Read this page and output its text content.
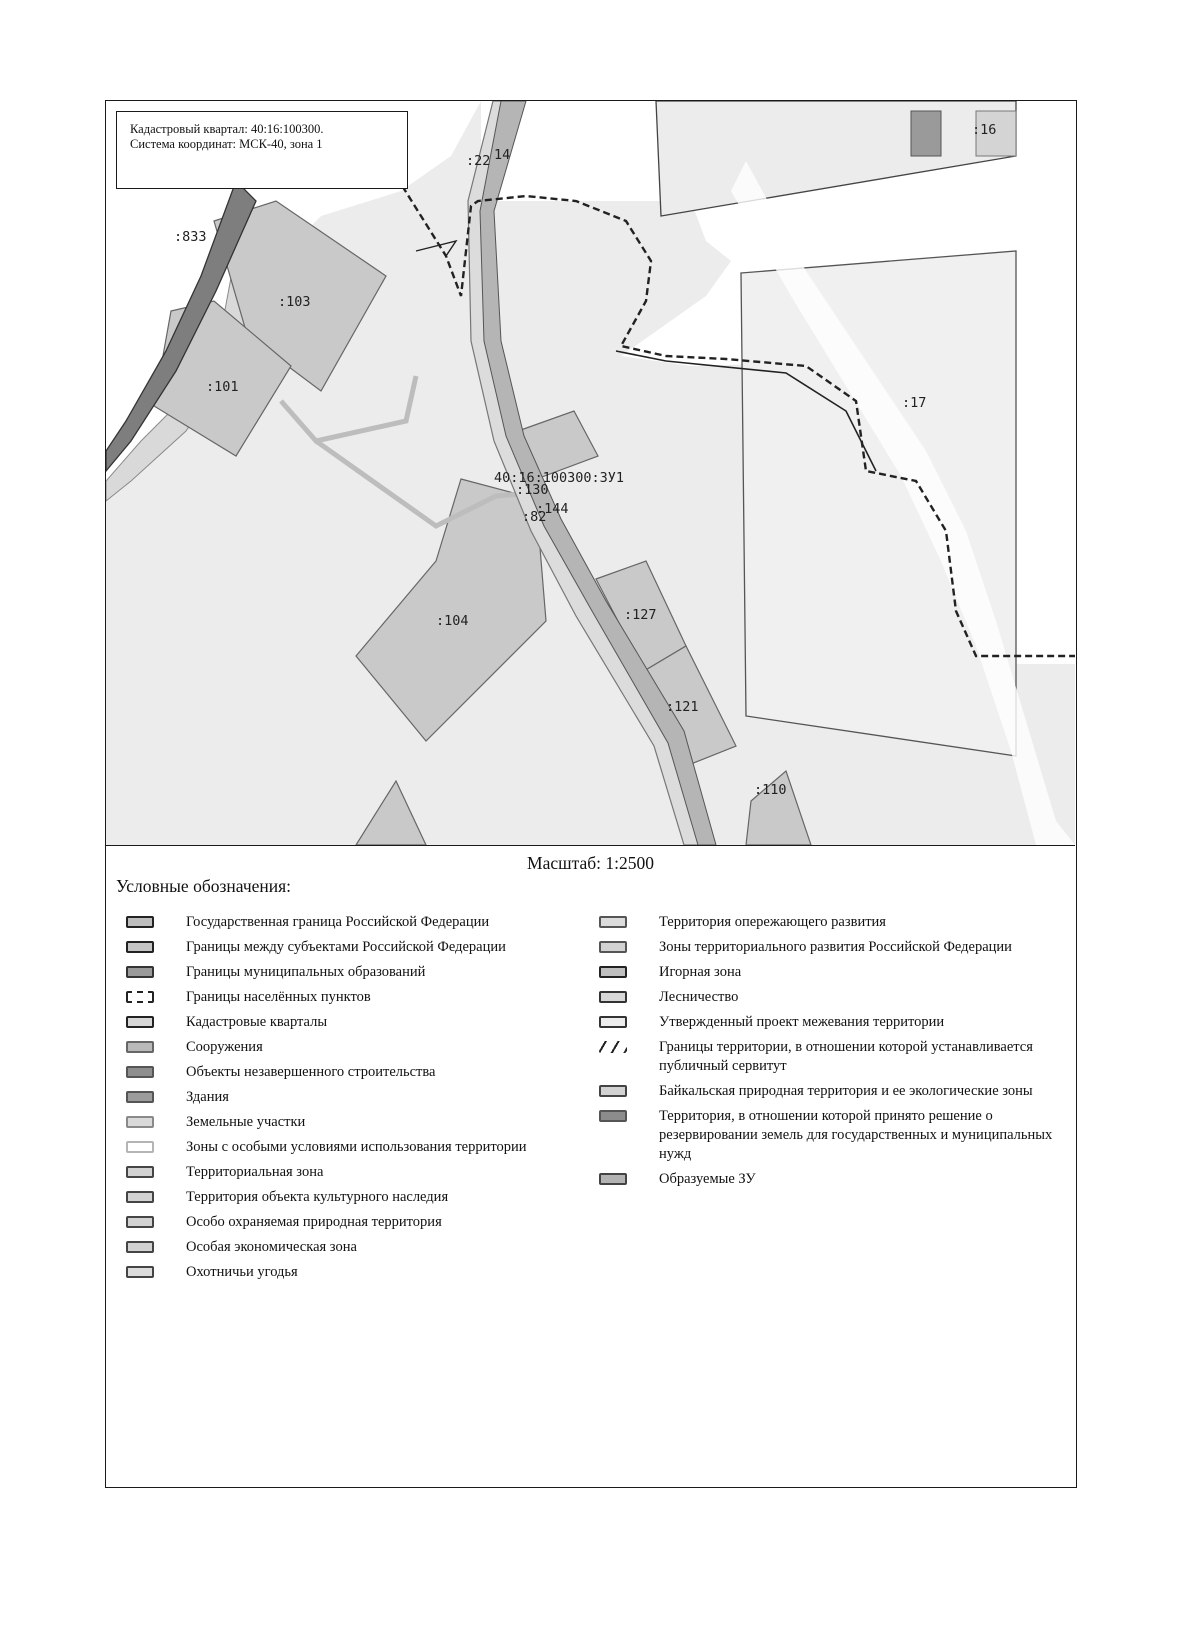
:22 14
:833
:103
:101
:16
:17
40:16:100300:ЗУ1
:130
:82
:144
:104	:127
:121
:110
Кадастровый квартал: 40:16:100300.
Система координат: МСК-40, зона 1
Масштаб: 1:2500
Условные обозначения:
Государственная граница Российской Федерации
Границы между субъектами Российской Федерации
Границы муниципальных образований
Границы населённых пунктов
Кадастровые кварталы
Сооружения
Объекты незавершенного строительства
Здания
Земельные участки
Зоны с особыми условиями использования территории
Территориальная зона
Территория объекта культурного наследия
Особо охраняемая природная территория
Особая экономическая зона
Охотничьи угодья
Территория опережающего развития
Зоны территориального развития Российской Федерации
Игорная зона
Лесничество
Утвержденный проект межевания территории
Границы территории, в отношении которой устанавливается публичный сервитут
Байкальская природная территория и ее экологические зоны
Территория, в отношении которой принято решение о резервировании земель для государственных и муниципальных нужд
Образуемые ЗУ
